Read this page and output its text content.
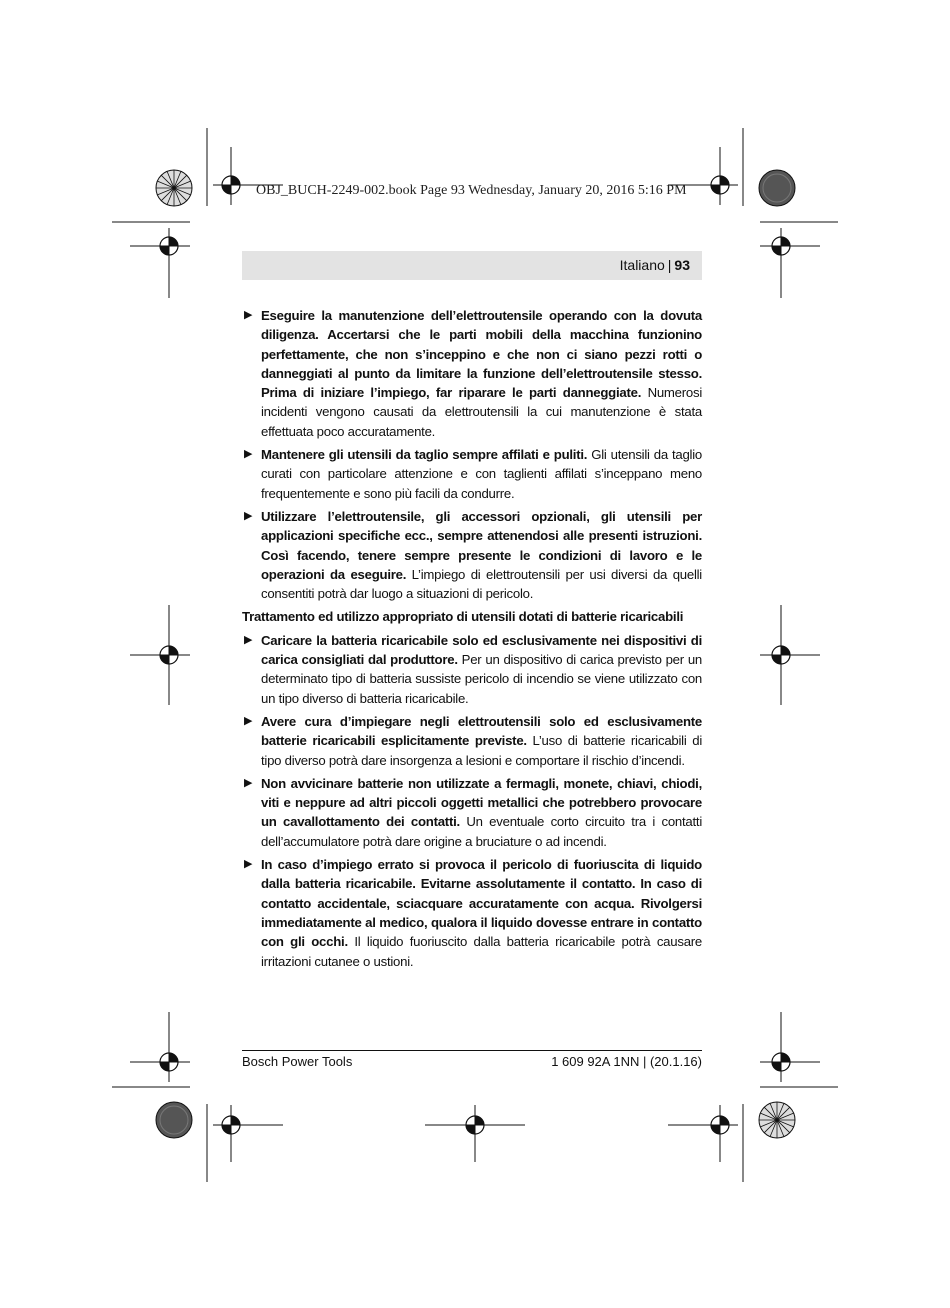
OBJ_BUCH-2249-002.book Page 93 Wednesday, January 20, 2016 5:16 PM
Italiano | 93
▶ Eseguire la manutenzione dell’elettroutensile operando con la dovuta diligenza. Accertarsi che le parti mobili della macchina funzionino perfettamente, che non s’inceppino e che non ci siano pezzi rotti o danneggiati al punto da limitare la funzione dell’elettroutensile stesso. Prima di iniziare l’impiego, far riparare le parti danneggiate. Numerosi incidenti vengono causati da elettroutensili la cui manutenzione è stata effettuata poco accuratamente.
▶ Mantenere gli utensili da taglio sempre affilati e puliti. Gli utensili da taglio curati con particolare attenzione e con taglienti affilati s’inceppano meno frequentemente e sono più facili da condurre.
▶ Utilizzare l’elettroutensile, gli accessori opzionali, gli utensili per applicazioni specifiche ecc., sempre attenendosi alle presenti istruzioni. Così facendo, tenere sempre presente le condizioni di lavoro e le operazioni da eseguire. L’impiego di elettroutensili per usi diversi da quelli consentiti potrà dar luogo a situazioni di pericolo.
Trattamento ed utilizzo appropriato di utensili dotati di batterie ricaricabili
▶ Caricare la batteria ricaricabile solo ed esclusivamente nei dispositivi di carica consigliati dal produttore. Per un dispositivo di carica previsto per un determinato tipo di batteria sussiste pericolo di incendio se viene utilizzato con un tipo diverso di batteria ricaricabile.
▶ Avere cura d’impiegare negli elettroutensili solo ed esclusivamente batterie ricaricabili esplicitamente previste. L’uso di batterie ricaricabili di tipo diverso potrà dare insorgenza a lesioni e comportare il rischio d’incendi.
▶ Non avvicinare batterie non utilizzate a fermagli, monete, chiavi, chiodi, viti e neppure ad altri piccoli oggetti metallici che potrebbero provocare un cavallottamento dei contatti. Un eventuale corto circuito tra i contatti dell’accumulatore potrà dare origine a bruciature o ad incendi.
▶ In caso d’impiego errato si provoca il pericolo di fuoriuscita di liquido dalla batteria ricaricabile. Evitarne assolutamente il contatto. In caso di contatto accidentale, sciacquare accuratamente con acqua. Rivolgersi immediatamente al medico, qualora il liquido dovesse entrare in contatto con gli occhi. Il liquido fuoriuscito dalla batteria ricaricabile potrà causare irritazioni cutanee o ustioni.
Bosch Power Tools	1 609 92A 1NN | (20.1.16)
